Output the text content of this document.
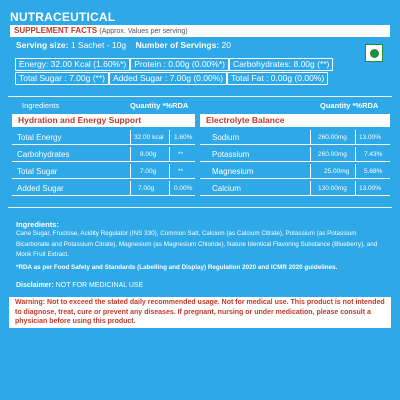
NUTRACEUTICAL
SUPPLEMENT FACTS (Approx. Values per serving)
Serving size: 1 Sachet - 10g Number of Servings: 20
Energy: 32.00 Kcal (1.60%*) Protein : 0.00g (0.00%*) Carbohydrates: 8.00g (**)
Total Sugar : 7.00g (**) Added Sugar : 7.00g (0.00%) Total Fat : 0.00g (0.00%)
Ingredients	Quantity *%RDA	Quantity *%RDA
Hydration and Energy Support	Electrolyte Balance
Total Energy	32.00 kcal 1.60%
Carbohydrates	8.00g	**
Total Sugar	7.00g	**
Added Sugar	7.00g	0.00%
Sodium	260.00mg 13.00%
Potassium	260.00mg	7.43%
Magnesium	25.00mg 5.68%
Calcium	130.00mg 13.00%
Ingredients:
Cane Sugar, Fructose, Acidity Regulator (INS 330), Common Salt, Calcium (as Calcium Citrate), Potassium (as Potassium Bicarbonate and Potassium Citrate), Magnesium (as Magnesium Chloride), Nature Identical Flavoring Substance (Blueberry), and Monk Fruit Extract.
*RDA as per Food Safety and Standards (Labelling and Display) Regulation 2020 and ICMR 2020 guidelines.
Disclaimer: NOT FOR MEDICINAL USE
Warning: Not to exceed the stated daily recommended usage. Not for medical use. This product is not intended to diagnose, treat, cure or prevent any diseases. If pregnant, nursing or under medication, please consult a physician before using this product.
